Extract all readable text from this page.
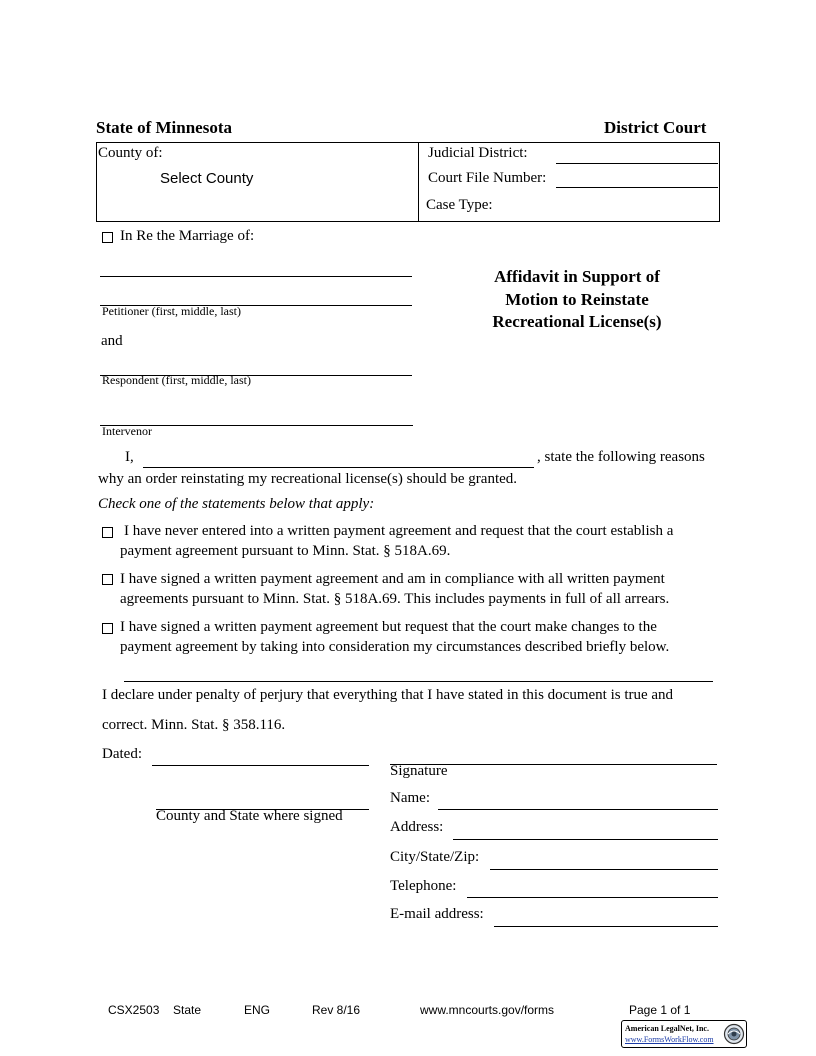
State of Minnesota	District Court
County of:
Select County
Judicial District:
Court File Number:
Case Type:
In Re the Marriage of:
Petitioner (first, middle, last)
and
Respondent (first, middle, last)
Intervenor
Affidavit in Support of
Motion to Reinstate
Recreational License(s)
I,	, state the following reasons
why an order reinstating my recreational license(s) should be granted.
Check one of the statements below that apply:
I have never entered into a written payment agreement and request that the court establish a
payment agreement pursuant to Minn. Stat. § 518A.69.
I have signed a written payment agreement and am in compliance with all written payment
agreements pursuant to Minn. Stat. § 518A.69. This includes payments in full of all arrears.
I have signed a written payment agreement but request that the court make changes to the
payment agreement by taking into consideration my circumstances described briefly below.
I declare under penalty of perjury that everything that I have stated in this document is true and
correct. Minn. Stat. § 358.116.
Dated:
County and State where signed
Signature
Name:
Address:
City/State/Zip:
Telephone:
E-mail address:
CSX2503 State	ENG	Rev 8/16	www.mncourts.gov/forms	Page 1 of 1
American LegalNet, Inc.
www.FormsWorkFlow.com
